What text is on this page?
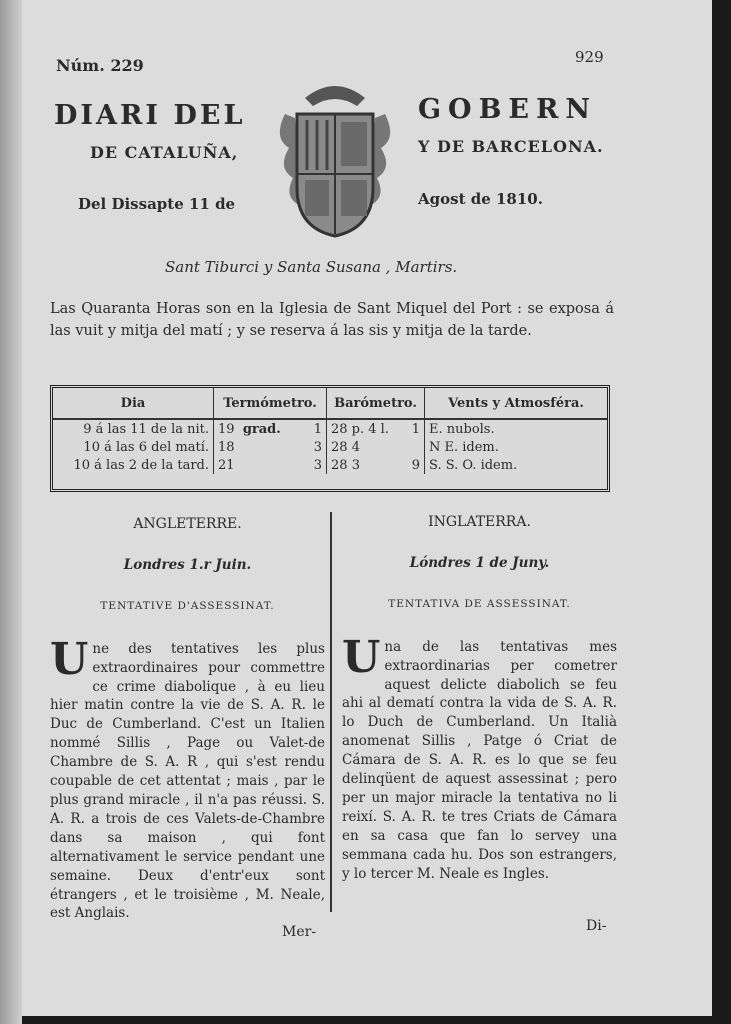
Núm. 229	929
DIARI DEL	GOBERN
DE CATALUÑA,	Y DE BARCELONA.
Del Dissapte 11 de	Agost de 1810.
Sant Tiburci y Santa Susana , Martirs.
Las Quaranta Horas son en la Iglesia de Sant Miquel del Port : se exposa á las vuit y mitja del matí ; y se reserva á las sis y mitja de la tarde.
Dia	Termómetro.	Barómetro.	Vents y Atmosféra.
9 á las 11 de la nit.	19 grad. 1	28 p. 4 l. 1	E. nubols.
10 á las 6 del matí.	18 3	28 4	N E. idem.
10 á las 2 de la tard.	21 3	28 3 9	S. S. O. idem.
ANGLETERRE.
Londres 1.r Juin.
TENTATIVE D'ASSESSINAT.
Une des tentatives les plus extraordinaires pour commettre ce crime diabolique , à eu lieu hier matin contre la vie de S. A. R. le Duc de Cumberland. C'est un Italien nommé Sillis , Page ou Valet-de Chambre de S. A. R , qui s'est rendu coupable de cet attentat ; mais , par le plus grand miracle , il n'a pas réussi. S. A. R. a trois de ces Valets-de-Chambre dans sa maison , qui font alternativament le service pendant une semaine. Deux d'entr'eux sont étrangers , et le troisième , M. Neale, est Anglais.
INGLATERRA.
Lóndres 1 de Juny.
TENTATIVA DE ASSESSINAT.
Una de las tentativas mes extraordinarias per cometrer aquest delicte diabolich se feu ahi al dematí contra la vida de S. A. R. lo Duch de Cumberland. Un Italià anomenat Sillis , Patge ó Criat de Cámara de S. A. R. es lo que se feu delinqüent de aquest assessinat ; pero per un major miracle la tentativa no li reixí. S. A. R. te tres Criats de Cámara en sa casa que fan lo servey una semmana cada hu. Dos son estrangers, y lo tercer M. Neale es Ingles.
Mer-	Di-
